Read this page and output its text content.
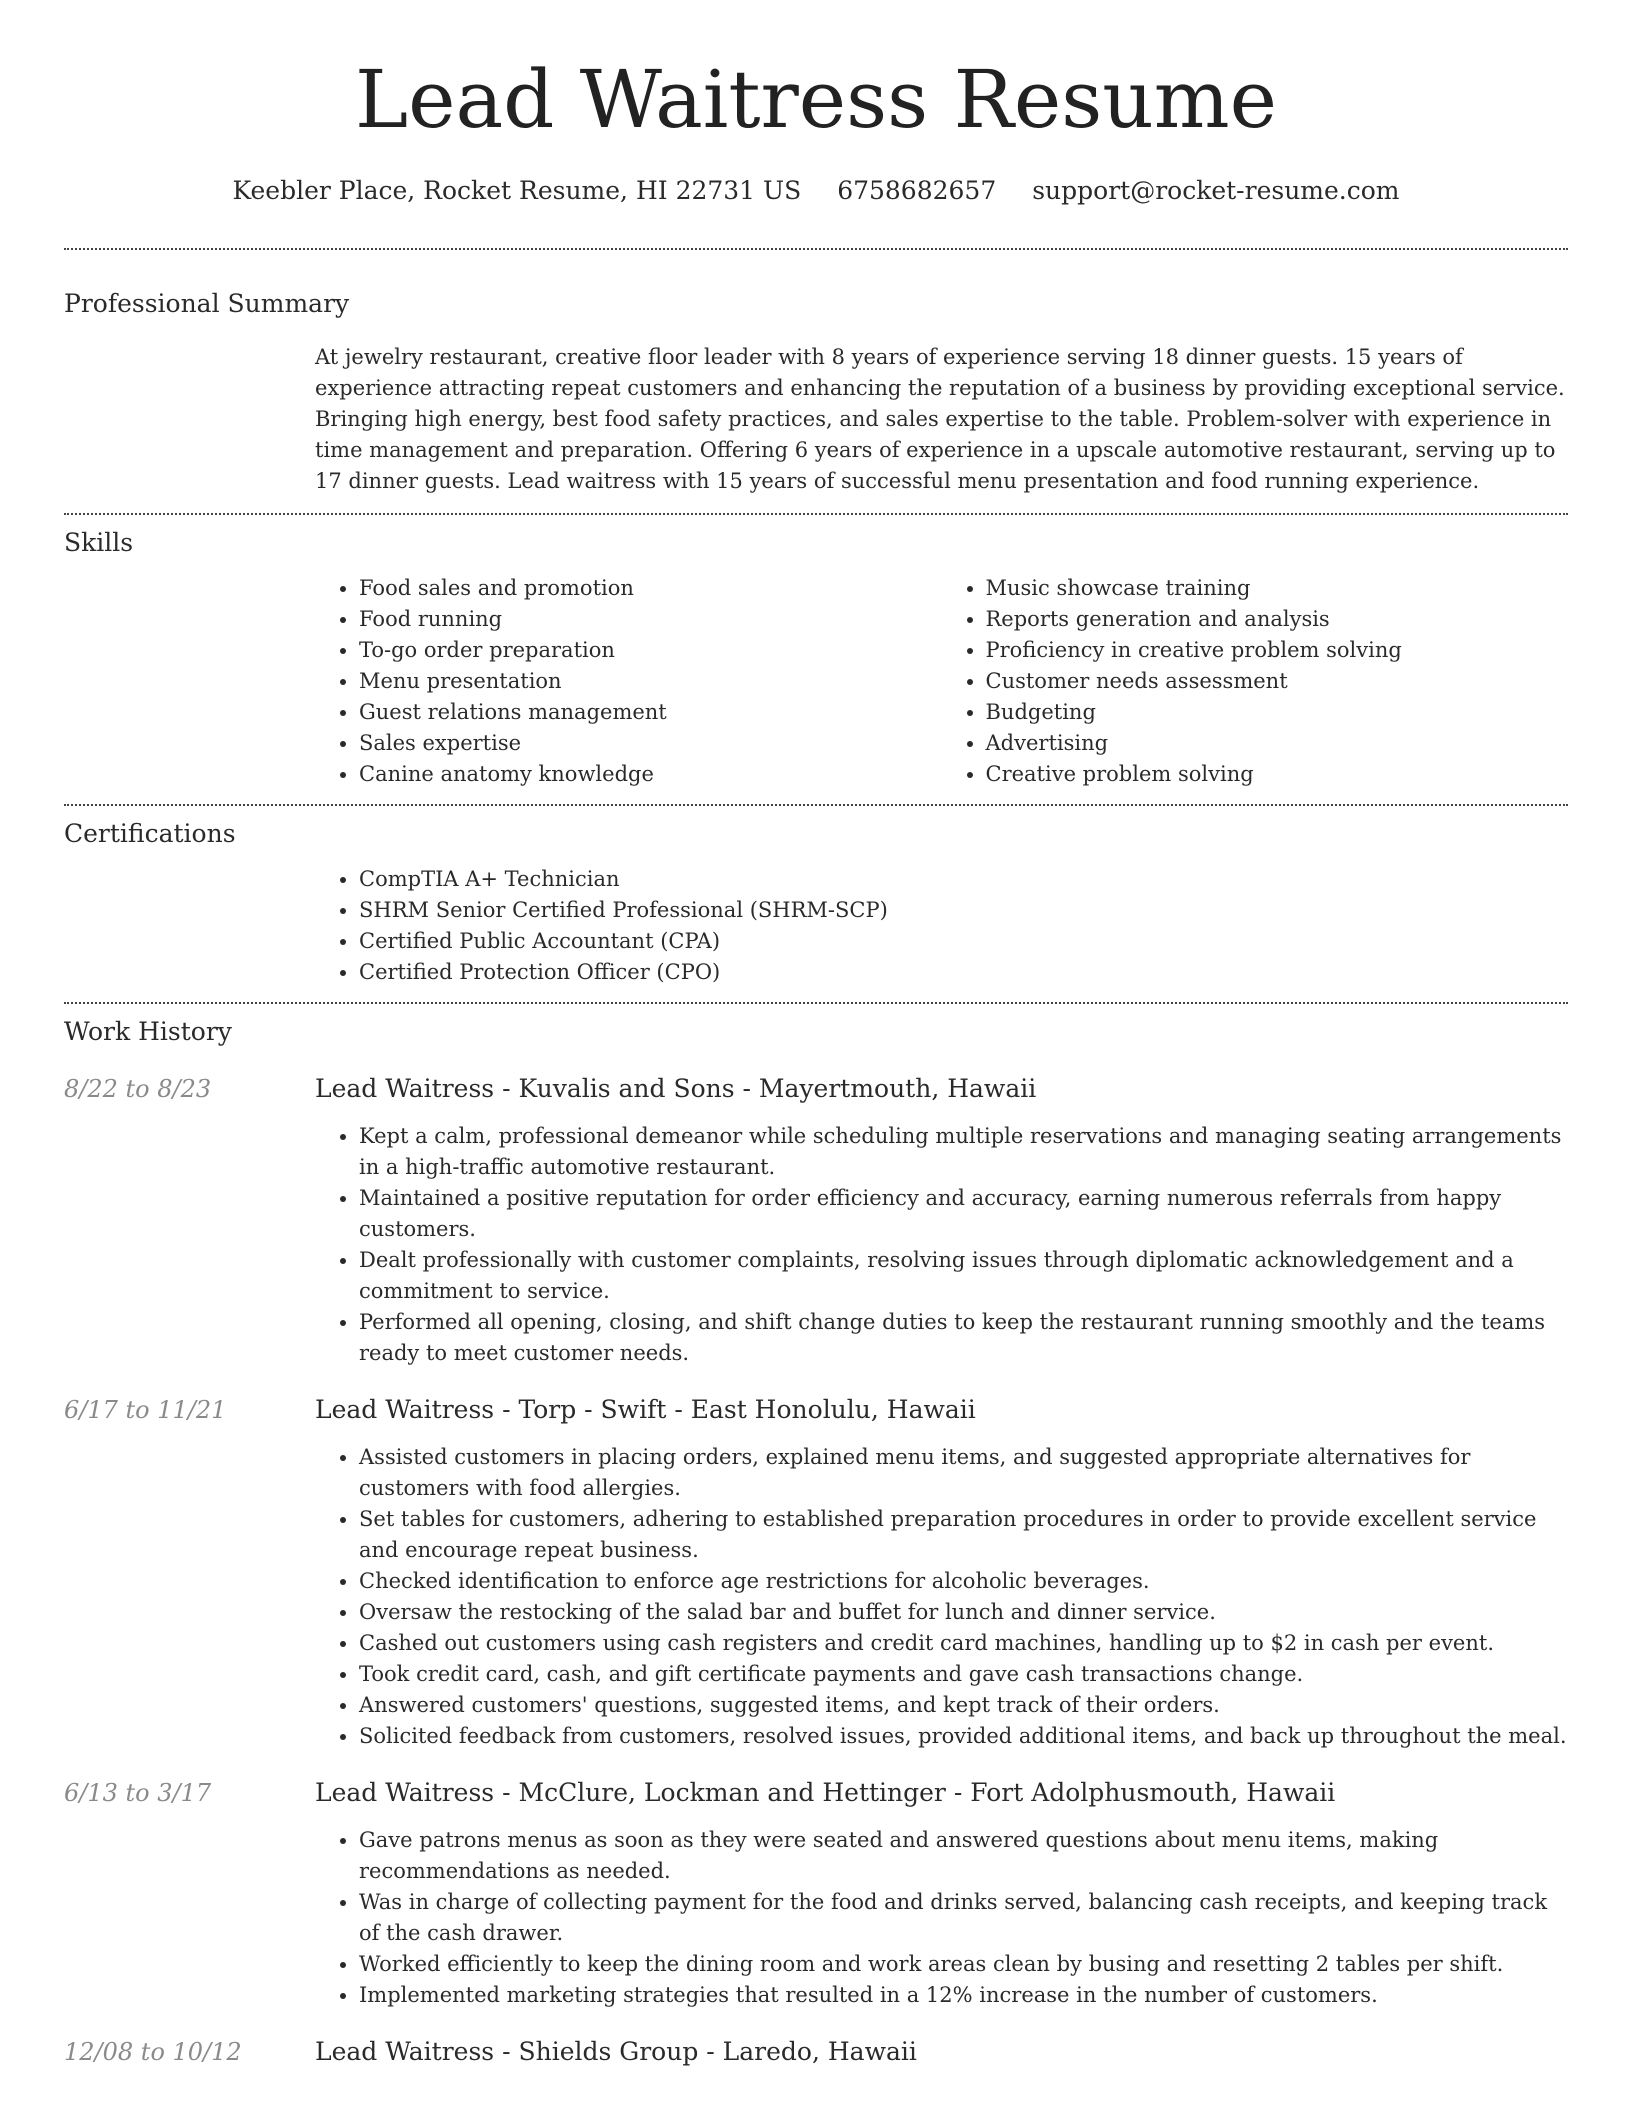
Lead Waitress Resume
Keebler Place, Rocket Resume, HI 22731 US 6758682657 support@rocket-resume.com
Professional Summary
At jewelry restaurant, creative floor leader with 8 years of experience serving 18 dinner guests. 15 years of experience attracting repeat customers and enhancing the reputation of a business by providing exceptional service. Bringing high energy, best food safety practices, and sales expertise to the table. Problem-solver with experience in time management and preparation. Offering 6 years of experience in a upscale automotive restaurant, serving up to 17 dinner guests. Lead waitress with 15 years of successful menu presentation and food running experience.
Skills
• Food sales and promotion
• Food running
• To-go order preparation
• Menu presentation
• Guest relations management
• Sales expertise
• Canine anatomy knowledge
• Music showcase training
• Reports generation and analysis
• Proficiency in creative problem solving
• Customer needs assessment
• Budgeting
• Advertising
• Creative problem solving
Certifications
• CompTIA A+ Technician
• SHRM Senior Certified Professional (SHRM-SCP)
• Certified Public Accountant (CPA)
• Certified Protection Officer (CPO)
Work History
8/22 to 8/23	Lead Waitress - Kuvalis and Sons - Mayertmouth, Hawaii
• Kept a calm, professional demeanor while scheduling multiple reservations and managing seating arrangements in a high-traffic automotive restaurant.
• Maintained a positive reputation for order efficiency and accuracy, earning numerous referrals from happy customers.
• Dealt professionally with customer complaints, resolving issues through diplomatic acknowledgement and a commitment to service.
• Performed all opening, closing, and shift change duties to keep the restaurant running smoothly and the teams ready to meet customer needs.
6/17 to 11/21	Lead Waitress - Torp - Swift - East Honolulu, Hawaii
• Assisted customers in placing orders, explained menu items, and suggested appropriate alternatives for customers with food allergies.
• Set tables for customers, adhering to established preparation procedures in order to provide excellent service and encourage repeat business.
• Checked identification to enforce age restrictions for alcoholic beverages.
• Oversaw the restocking of the salad bar and buffet for lunch and dinner service.
• Cashed out customers using cash registers and credit card machines, handling up to $2 in cash per event.
• Took credit card, cash, and gift certificate payments and gave cash transactions change.
• Answered customers' questions, suggested items, and kept track of their orders.
• Solicited feedback from customers, resolved issues, provided additional items, and back up throughout the meal.
6/13 to 3/17	Lead Waitress - McClure, Lockman and Hettinger - Fort Adolphusmouth, Hawaii
• Gave patrons menus as soon as they were seated and answered questions about menu items, making recommendations as needed.
• Was in charge of collecting payment for the food and drinks served, balancing cash receipts, and keeping track of the cash drawer.
• Worked efficiently to keep the dining room and work areas clean by busing and resetting 2 tables per shift.
• Implemented marketing strategies that resulted in a 12% increase in the number of customers.
12/08 to 10/12	Lead Waitress - Shields Group - Laredo, Hawaii
